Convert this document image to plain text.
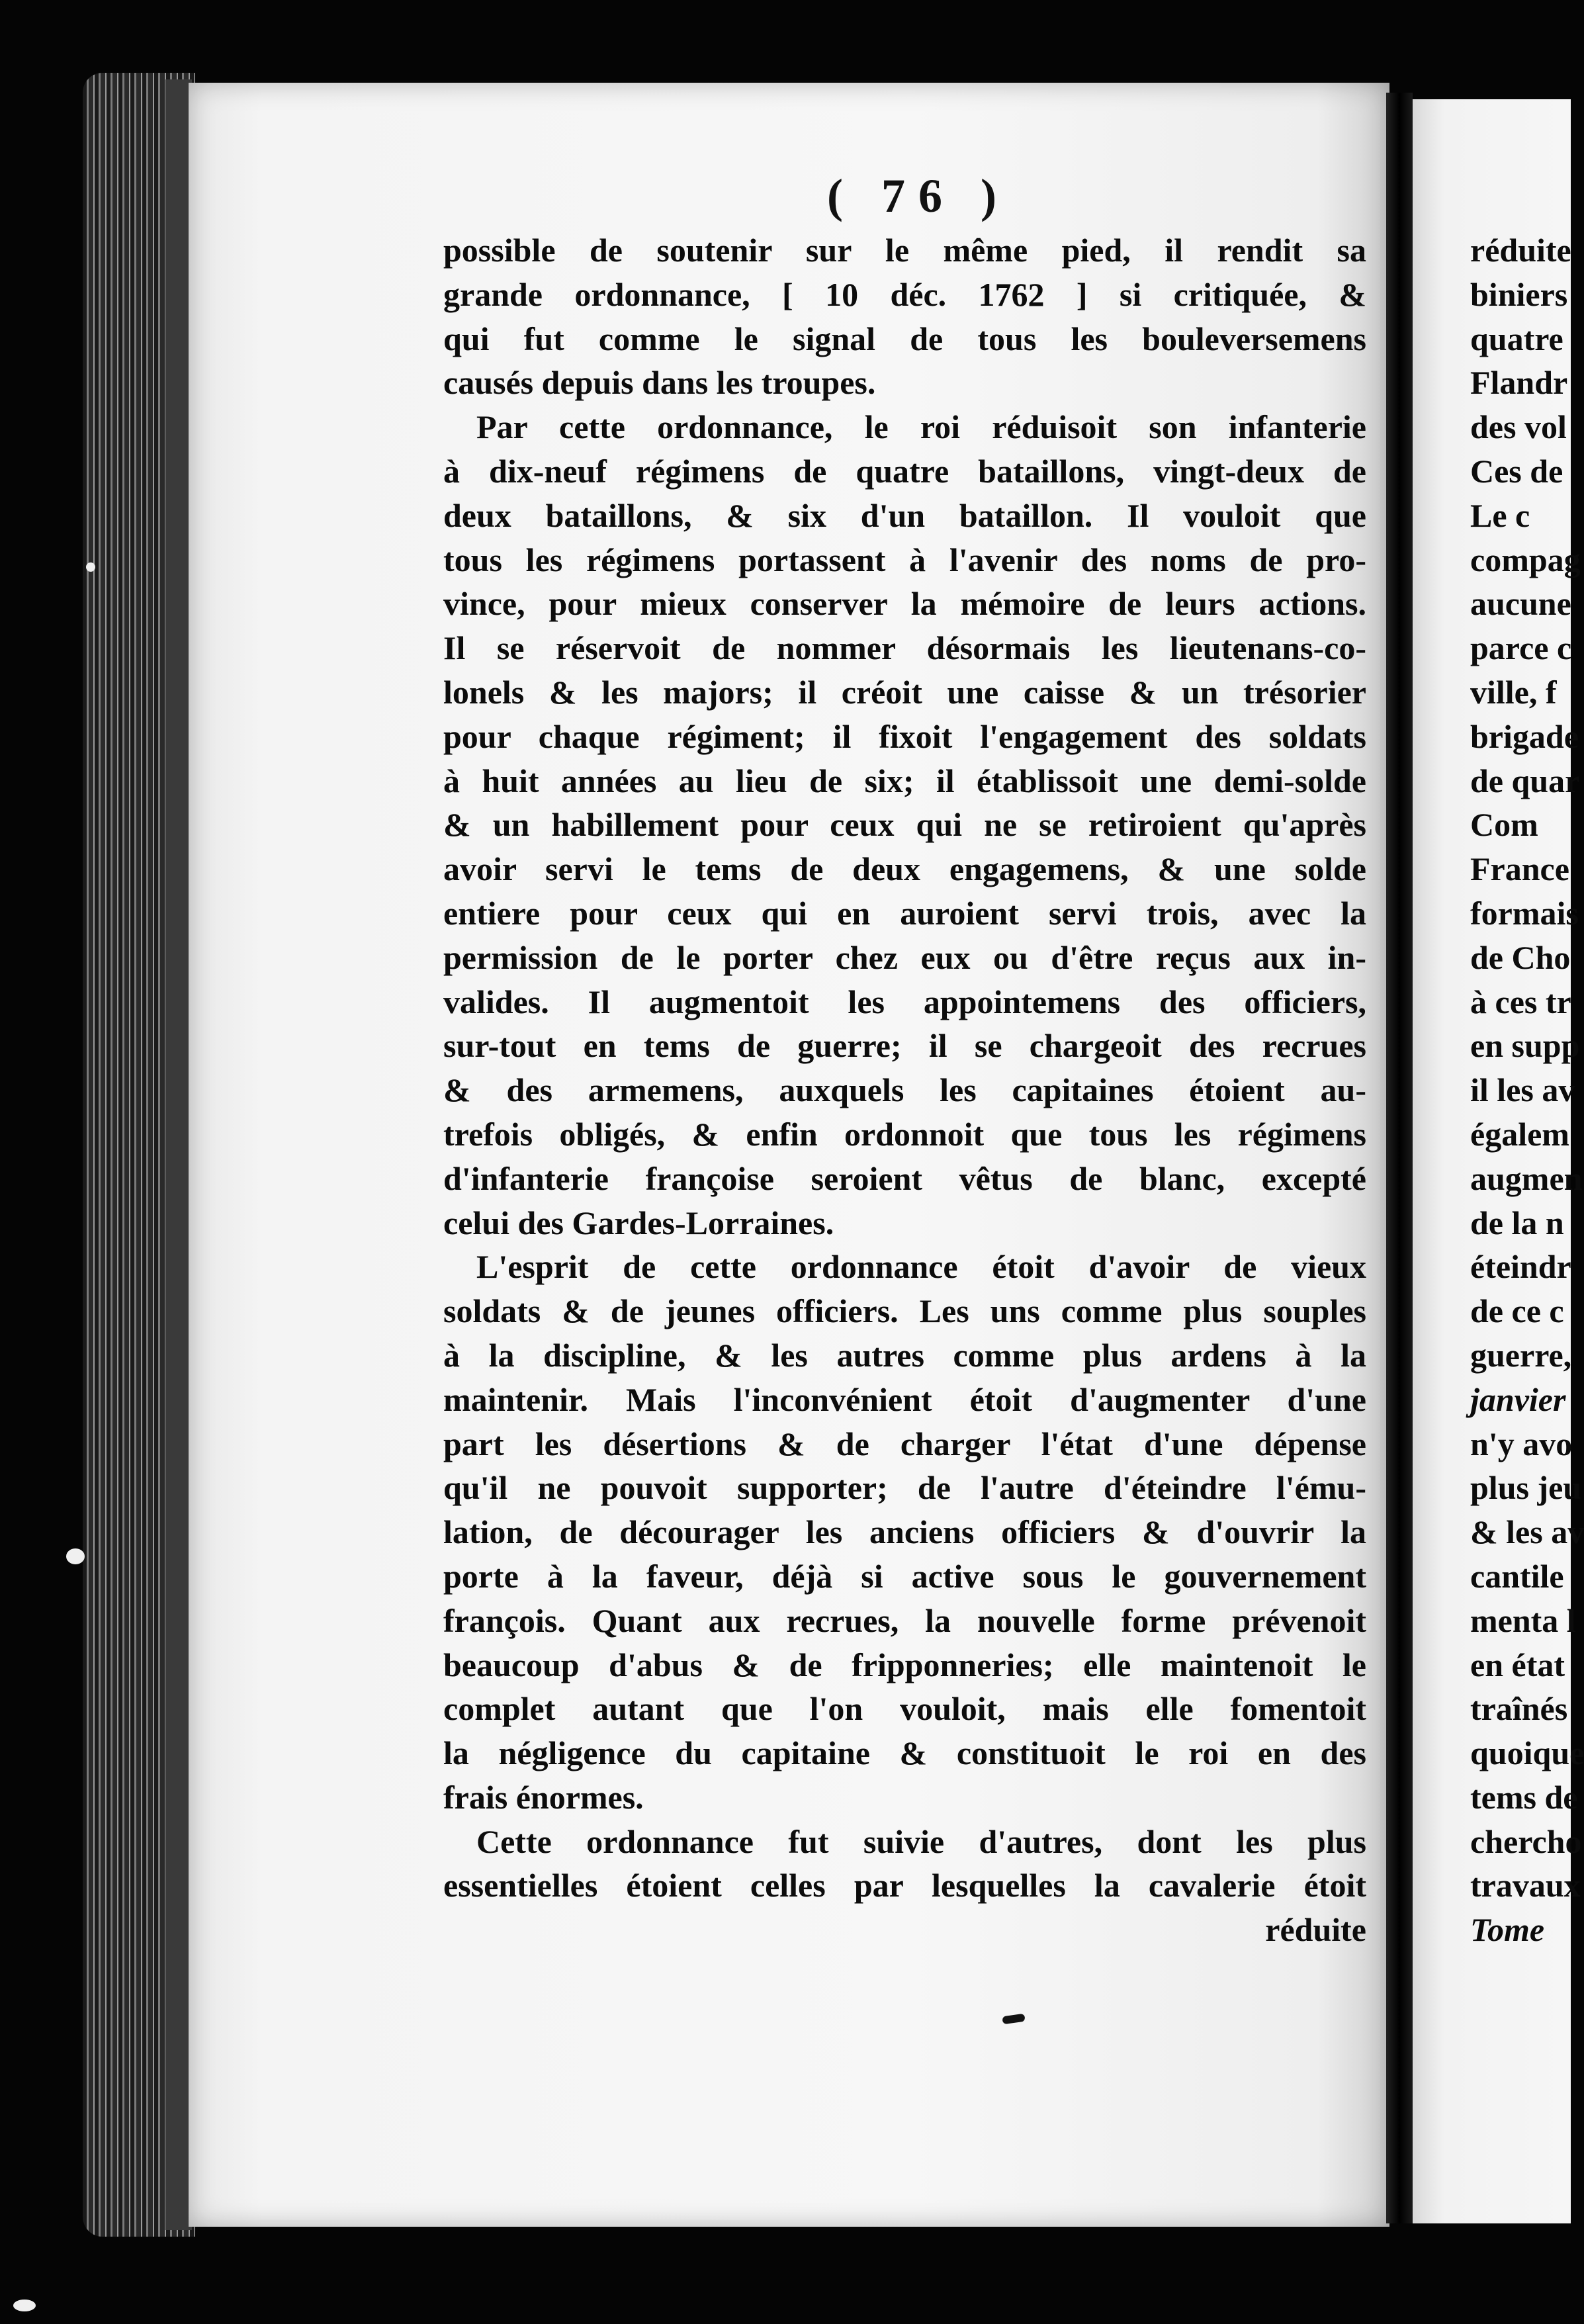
( 76 )
possible de soutenir sur le même pied, il rendit sa
grande ordonnance, [ 10 déc. 1762 ] si critiquée, &
qui fut comme le signal de tous les bouleversemens
causés depuis dans les troupes.
Par cette ordonnance, le roi réduisoit son infanterie
à dix-neuf régimens de quatre bataillons, vingt-deux de
deux bataillons, & six d'un bataillon. Il vouloit que
tous les régimens portassent à l'avenir des noms de pro-
vince, pour mieux conserver la mémoire de leurs actions.
Il se réservoit de nommer désormais les lieutenans-co-
lonels & les majors; il créoit une caisse & un trésorier
pour chaque régiment; il fixoit l'engagement des soldats
à huit années au lieu de six; il établissoit une demi-solde
& un habillement pour ceux qui ne se retiroient qu'après
avoir servi le tems de deux engagemens, & une solde
entiere pour ceux qui en auroient servi trois, avec la
permission de le porter chez eux ou d'être reçus aux in-
valides. Il augmentoit les appointemens des officiers,
sur-tout en tems de guerre; il se chargeoit des recrues
& des armemens, auxquels les capitaines étoient au-
trefois obligés, & enfin ordonnoit que tous les régimens
d'infanterie françoise seroient vêtus de blanc, excepté
celui des Gardes-Lorraines.
L'esprit de cette ordonnance étoit d'avoir de vieux
soldats & de jeunes officiers. Les uns comme plus souples
à la discipline, & les autres comme plus ardens à la
maintenir. Mais l'inconvénient étoit d'augmenter d'une
part les désertions & de charger l'état d'une dépense
qu'il ne pouvoit supporter; de l'autre d'éteindre l'ému-
lation, de décourager les anciens officiers & d'ouvrir la
porte à la faveur, déjà si active sous le gouvernement
françois. Quant aux recrues, la nouvelle forme prévenoit
beaucoup d'abus & de fripponneries; elle maintenoit le
complet autant que l'on vouloit, mais elle fomentoit
la négligence du capitaine & constituoit le roi en des
frais énormes.
Cette ordonnance fut suivie d'autres, dont les plus
essentielles étoient celles par lesquelles la cavalerie étoit
réduite
réduite
biniers
quatre
Flandr
des vol
Ces de
Le c
compag
aucune
parce c
ville, f
brigade
de quar
Com
France
formais
de Cho
à ces tr
en supp
il les av
égalem
augmen
de la n
éteindr
de ce c
guerre,
janvier
n'y avo
plus jeu
& les av
cantile
menta l
en état
traînés
quoique
tems de
chercho
travaux
Tome
